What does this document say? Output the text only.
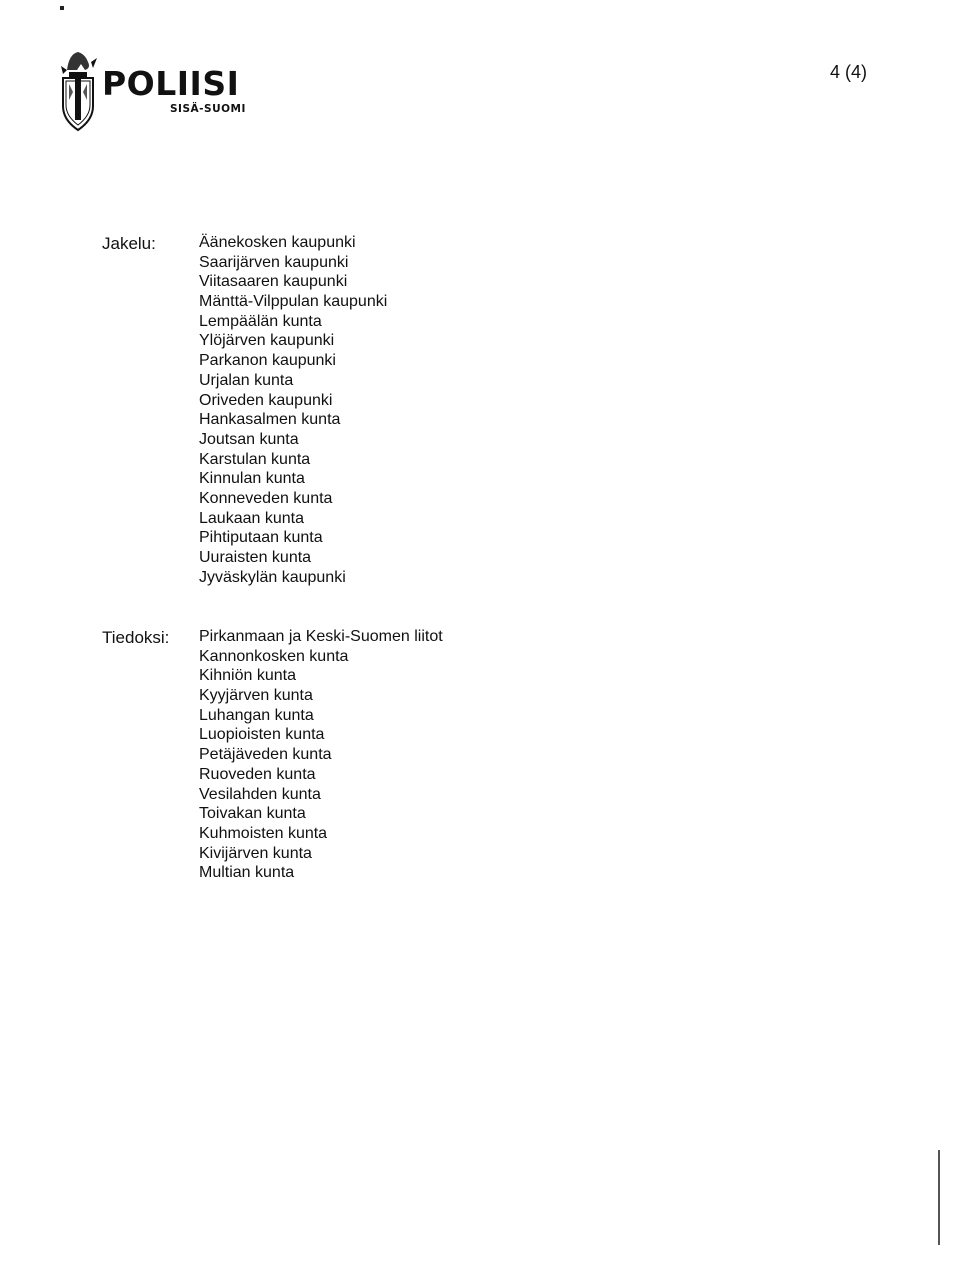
POLIISI
SISÄ-SUOMI
4 (4)
Jakelu:	Äänekosken kaupunki
Saarijärven kaupunki
Viitasaaren kaupunki
Mänttä-Vilppulan kaupunki
Lempäälän kunta
Ylöjärven kaupunki
Parkanon kaupunki
Urjalan kunta
Oriveden kaupunki
Hankasalmen kunta
Joutsan kunta
Karstulan kunta
Kinnulan kunta
Konneveden kunta
Laukaan kunta
Pihtiputaan kunta
Uuraisten kunta
Jyväskylän kaupunki
Tiedoksi: Pirkanmaan ja Keski-Suomen liitot
Kannonkosken kunta
Kihniön kunta
Kyyjärven kunta
Luhangan kunta
Luopioisten kunta
Petäjäveden kunta
Ruoveden kunta
Vesilahden kunta
Toivakan kunta
Kuhmoisten kunta
Kivijärven kunta
Multian kunta
